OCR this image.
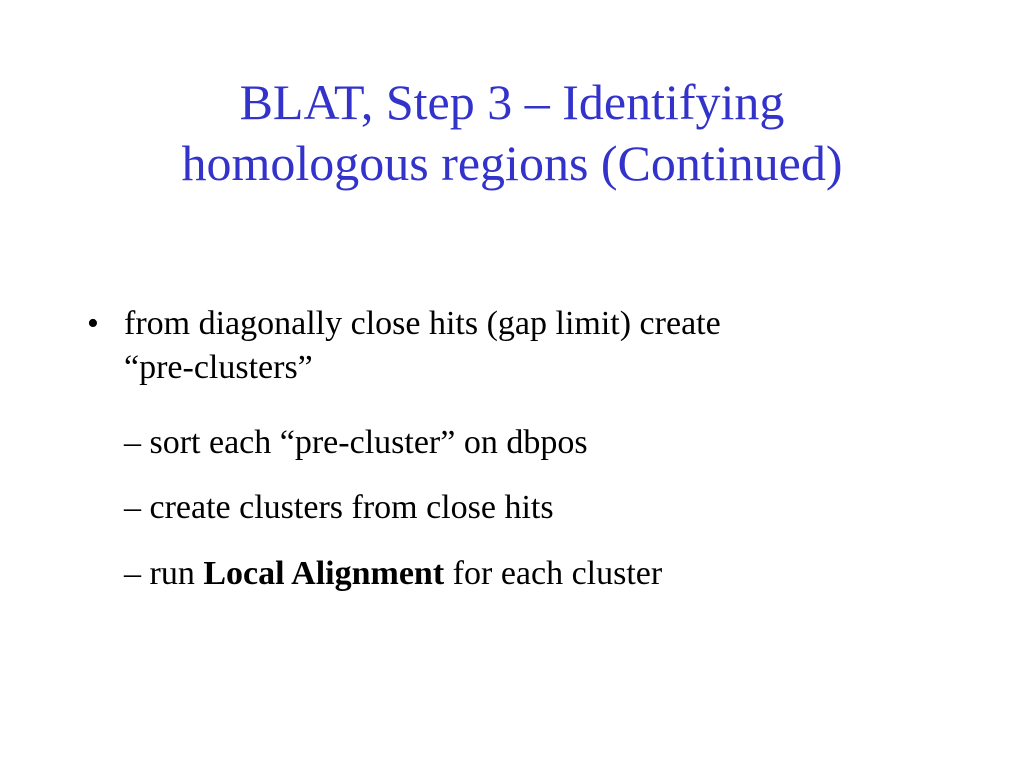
BLAT, Step 3 – Identifying
homologous regions (Continued)
• from diagonally close hits (gap limit) create
“pre-clusters”
– sort each “pre-cluster” on dbpos
– create clusters from close hits
– run Local Alignment for each cluster
